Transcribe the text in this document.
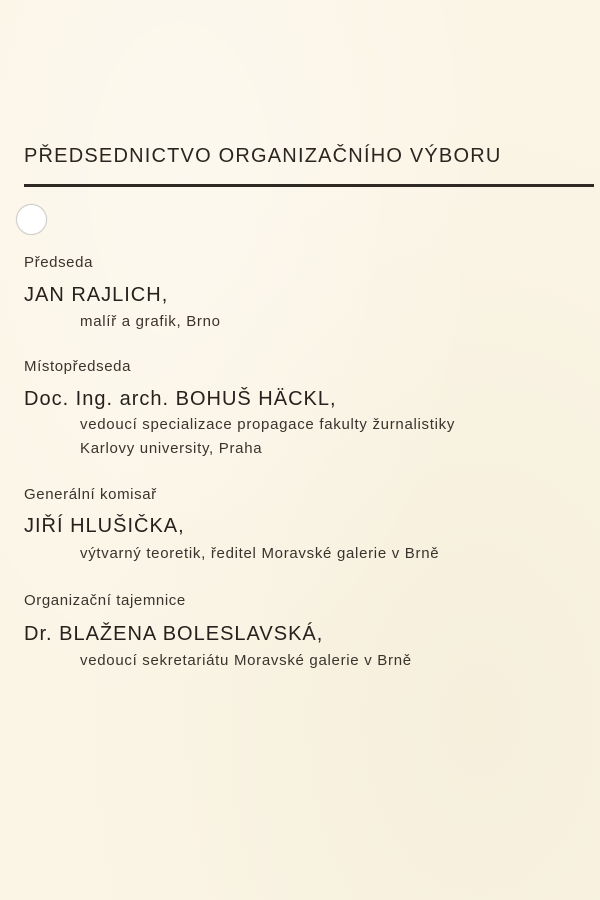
PŘEDSEDNICTVO ORGANIZAČNÍHO VÝBORU
Předseda
JAN RAJLICH,
malíř a grafik, Brno
Místopředseda
Doc. Ing. arch. BOHUŠ HÄCKL,
vedoucí specializace propagace fakulty žurnalistiky
Karlovy university, Praha
Generální komisař
JIŘÍ HLUŠIČKA,
výtvarný teoretik, ředitel Moravské galerie v Brně
Organizační tajemnice
Dr. BLAŽENA BOLESLAVSKÁ,
vedoucí sekretariátu Moravské galerie v Brně
